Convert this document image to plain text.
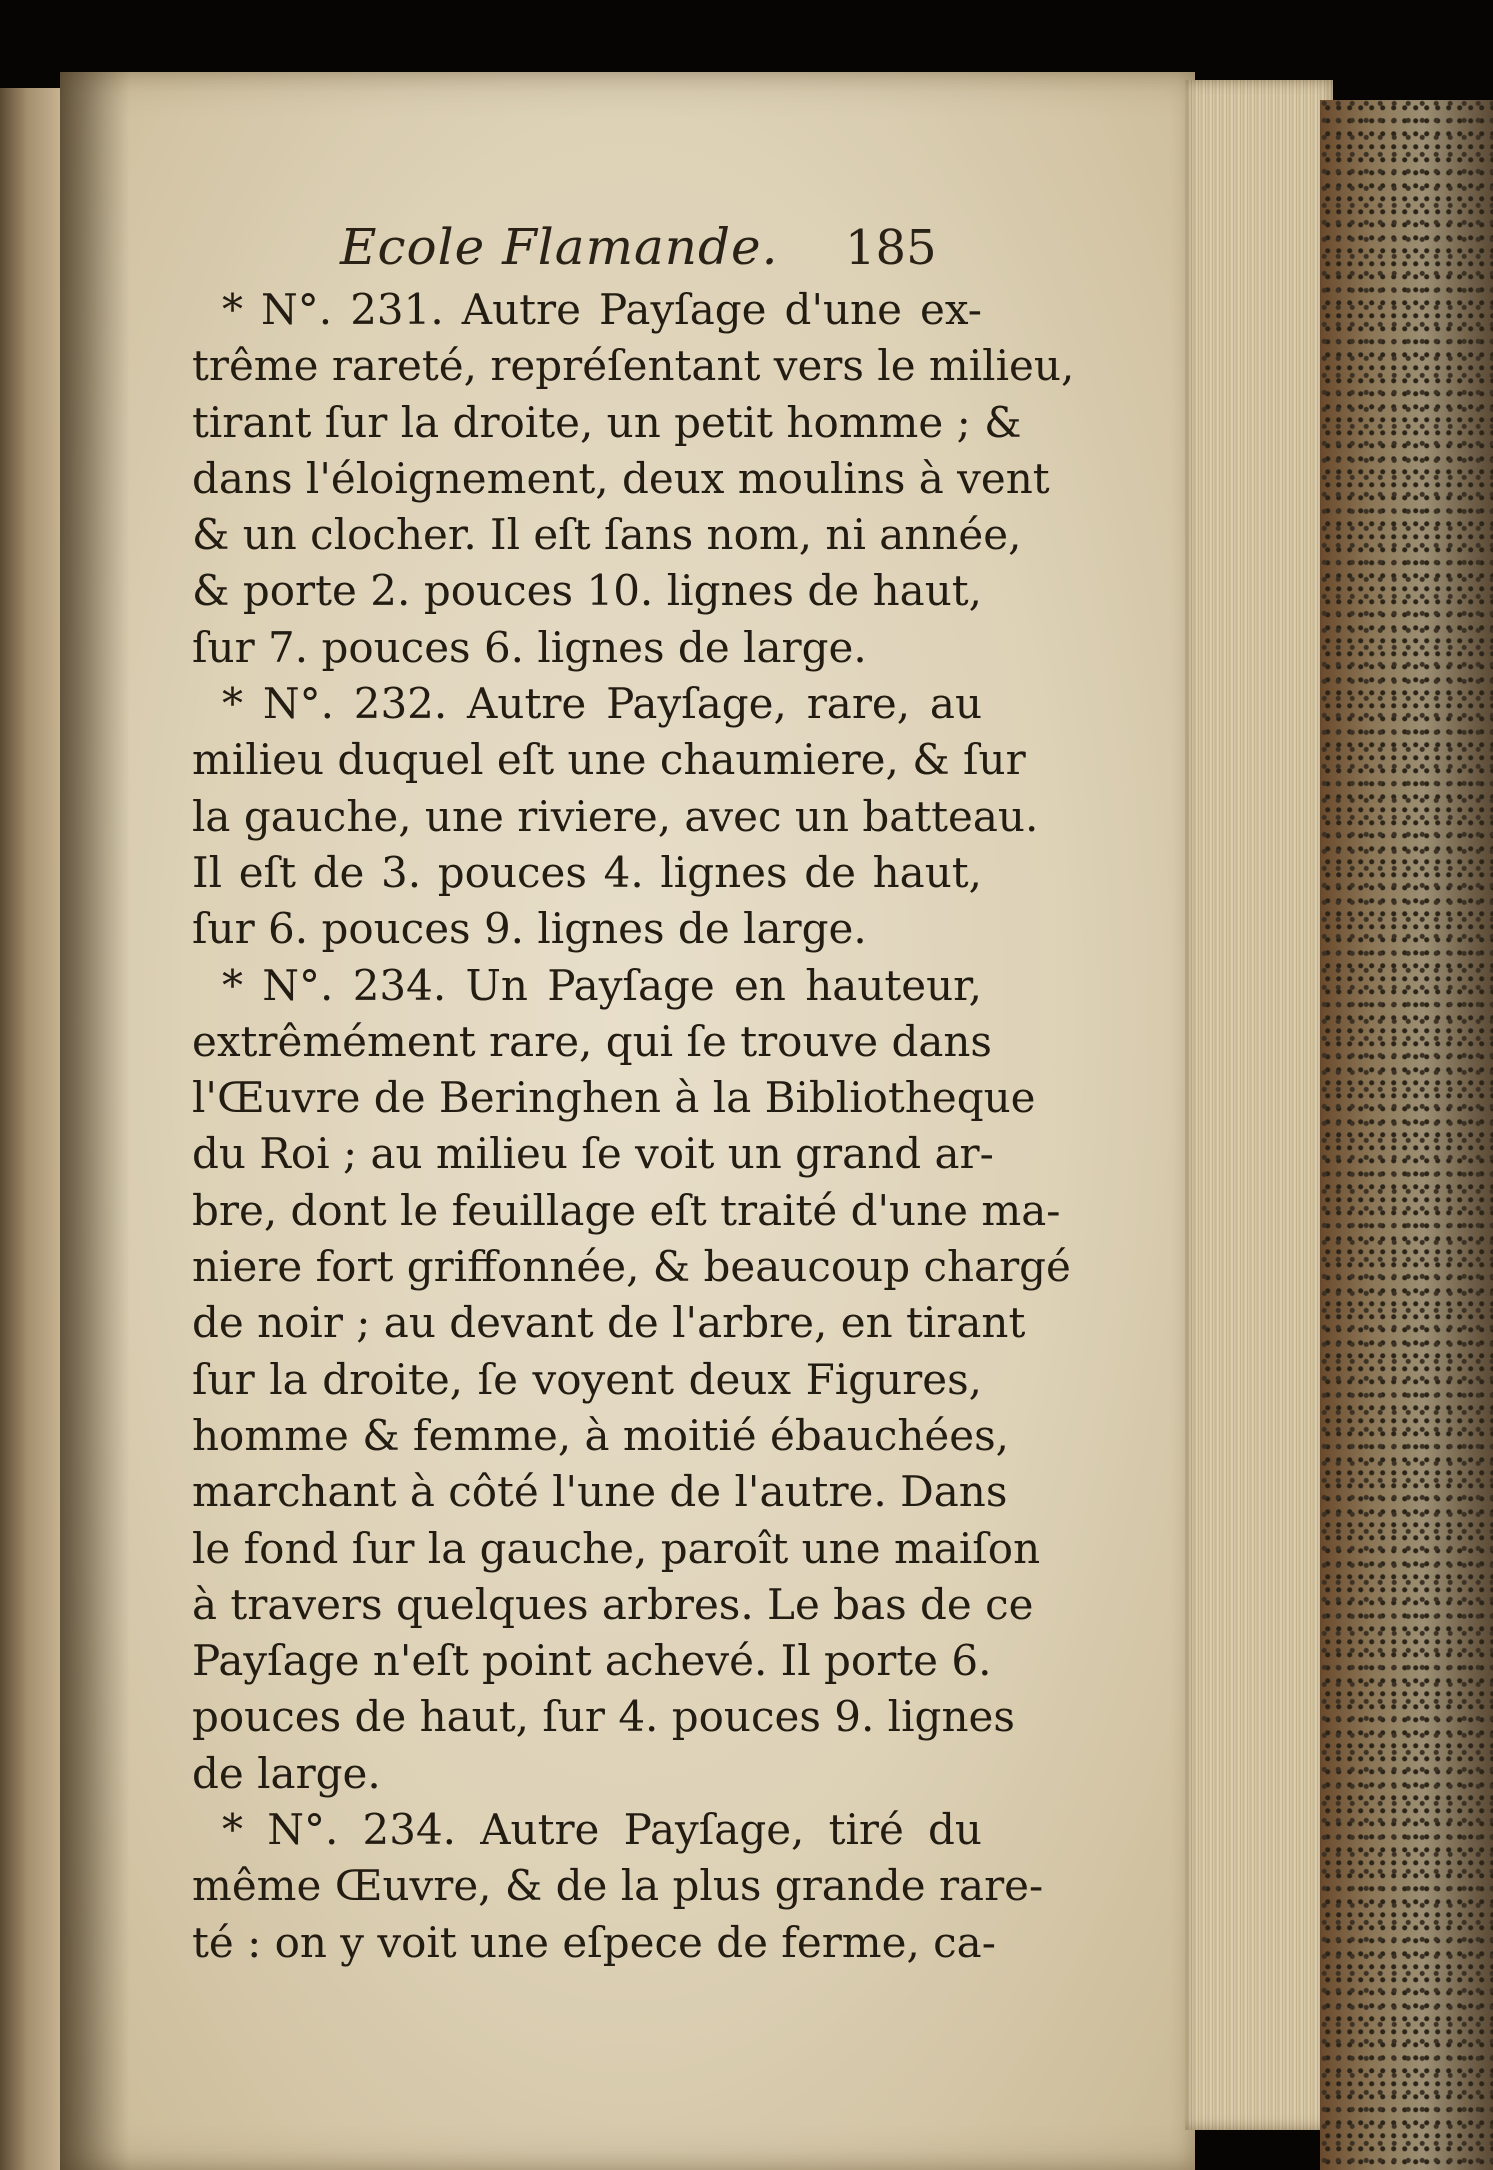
Ecole Flamande. 185
* N°. 231. Autre Payſage d'une ex-
trême rareté, repréſentant vers le milieu,
tirant ſur la droite, un petit homme ; &
dans l'éloignement, deux moulins à vent
& un clocher. Il eſt ſans nom, ni année,
& porte 2. pouces 10. lignes de haut,
ſur 7. pouces 6. lignes de large.
* N°. 232. Autre Payſage, rare, au
milieu duquel eſt une chaumiere, & ſur
la gauche, une riviere, avec un batteau.
Il eſt de 3. pouces 4. lignes de haut,
ſur 6. pouces 9. lignes de large.
* N°. 234. Un Payſage en hauteur,
extrêmément rare, qui ſe trouve dans
l'Œuvre de Beringhen à la Bibliotheque
du Roi ; au milieu ſe voit un grand ar-
bre, dont le feuillage eſt traité d'une ma-
niere fort griffonnée, & beaucoup chargé
de noir ; au devant de l'arbre, en tirant
ſur la droite, ſe voyent deux Figures,
homme & femme, à moitié ébauchées,
marchant à côté l'une de l'autre. Dans
le fond ſur la gauche, paroît une maiſon
à travers quelques arbres. Le bas de ce
Payſage n'eſt point achevé. Il porte 6.
pouces de haut, ſur 4. pouces 9. lignes
de large.
* N°. 234. Autre Payſage, tiré du
même Œuvre, & de la plus grande rare-
té : on y voit une eſpece de ferme, ca-
